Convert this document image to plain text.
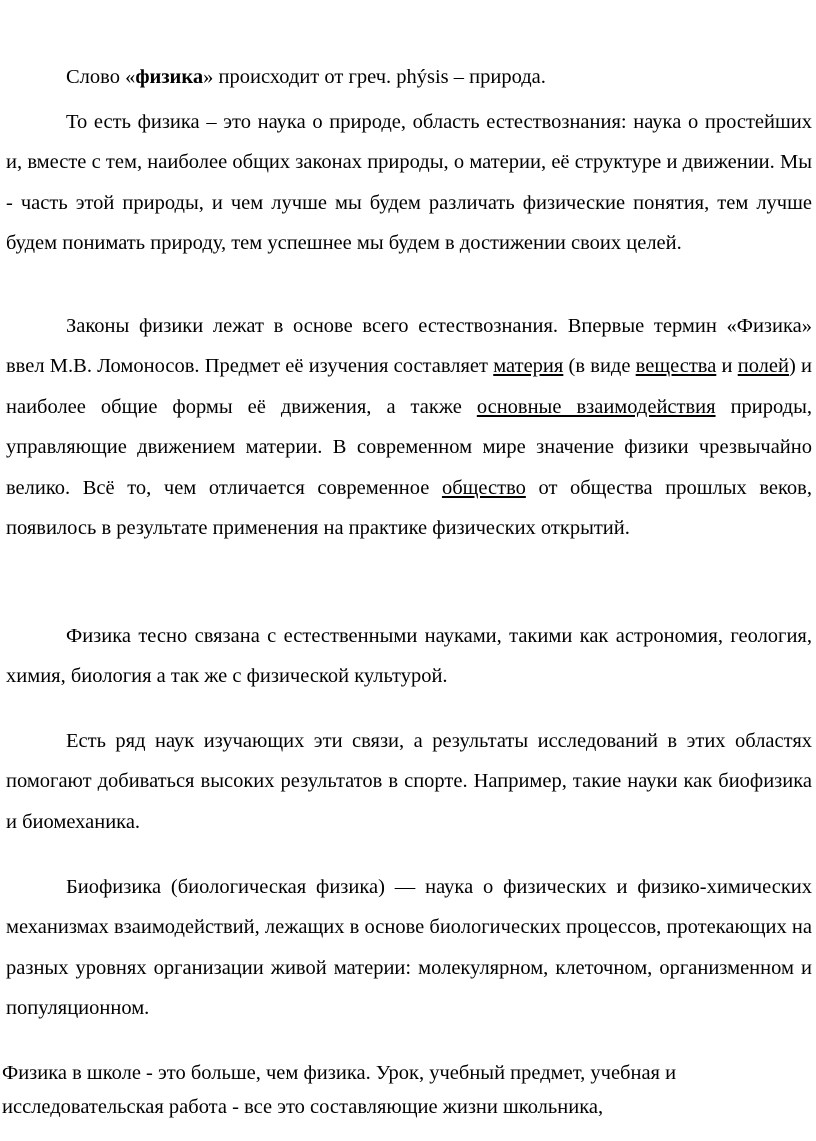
Слово «физика» происходит от греч. phýsis – природа.

То есть физика – это наука о природе, область естествознания: наука о простейших и, вместе с тем, наиболее общих законах природы, о материи, её структуре и движении. Мы - часть этой природы, и чем лучше мы будем различать физические понятия, тем лучше будем понимать природу, тем успешнее мы будем в достижении своих целей.

Законы физики лежат в основе всего естествознания. Впервые термин «Физика» ввел М.В. Ломоносов. Предмет её изучения составляет материя (в виде вещества и полей) и наиболее общие формы её движения, а также основные взаимодействия природы, управляющие движением материи. В современном мире значение физики чрезвычайно велико. Всё то, чем отличается современное общество от общества прошлых веков, появилось в результате применения на практике физических открытий.

Физика тесно связана с естественными науками, такими как астрономия, геология, химия, биология а так же с физической культурой.

Есть ряд наук изучающих эти связи, а результаты исследований в этих областях помогают добиваться высоких результатов в спорте. Например, такие науки как биофизика и биомеханика.

Биофизика (биологическая физика) — наука о физических и физико-химических механизмах взаимодействий, лежащих в основе биологических процессов, протекающих на разных уровнях организации живой материи: молекулярном, клеточном, организменном и популяционном.

Физика в школе - это больше, чем физика. Урок, учебный предмет, учебная и исследовательская работа - все это составляющие жизни школьника,
